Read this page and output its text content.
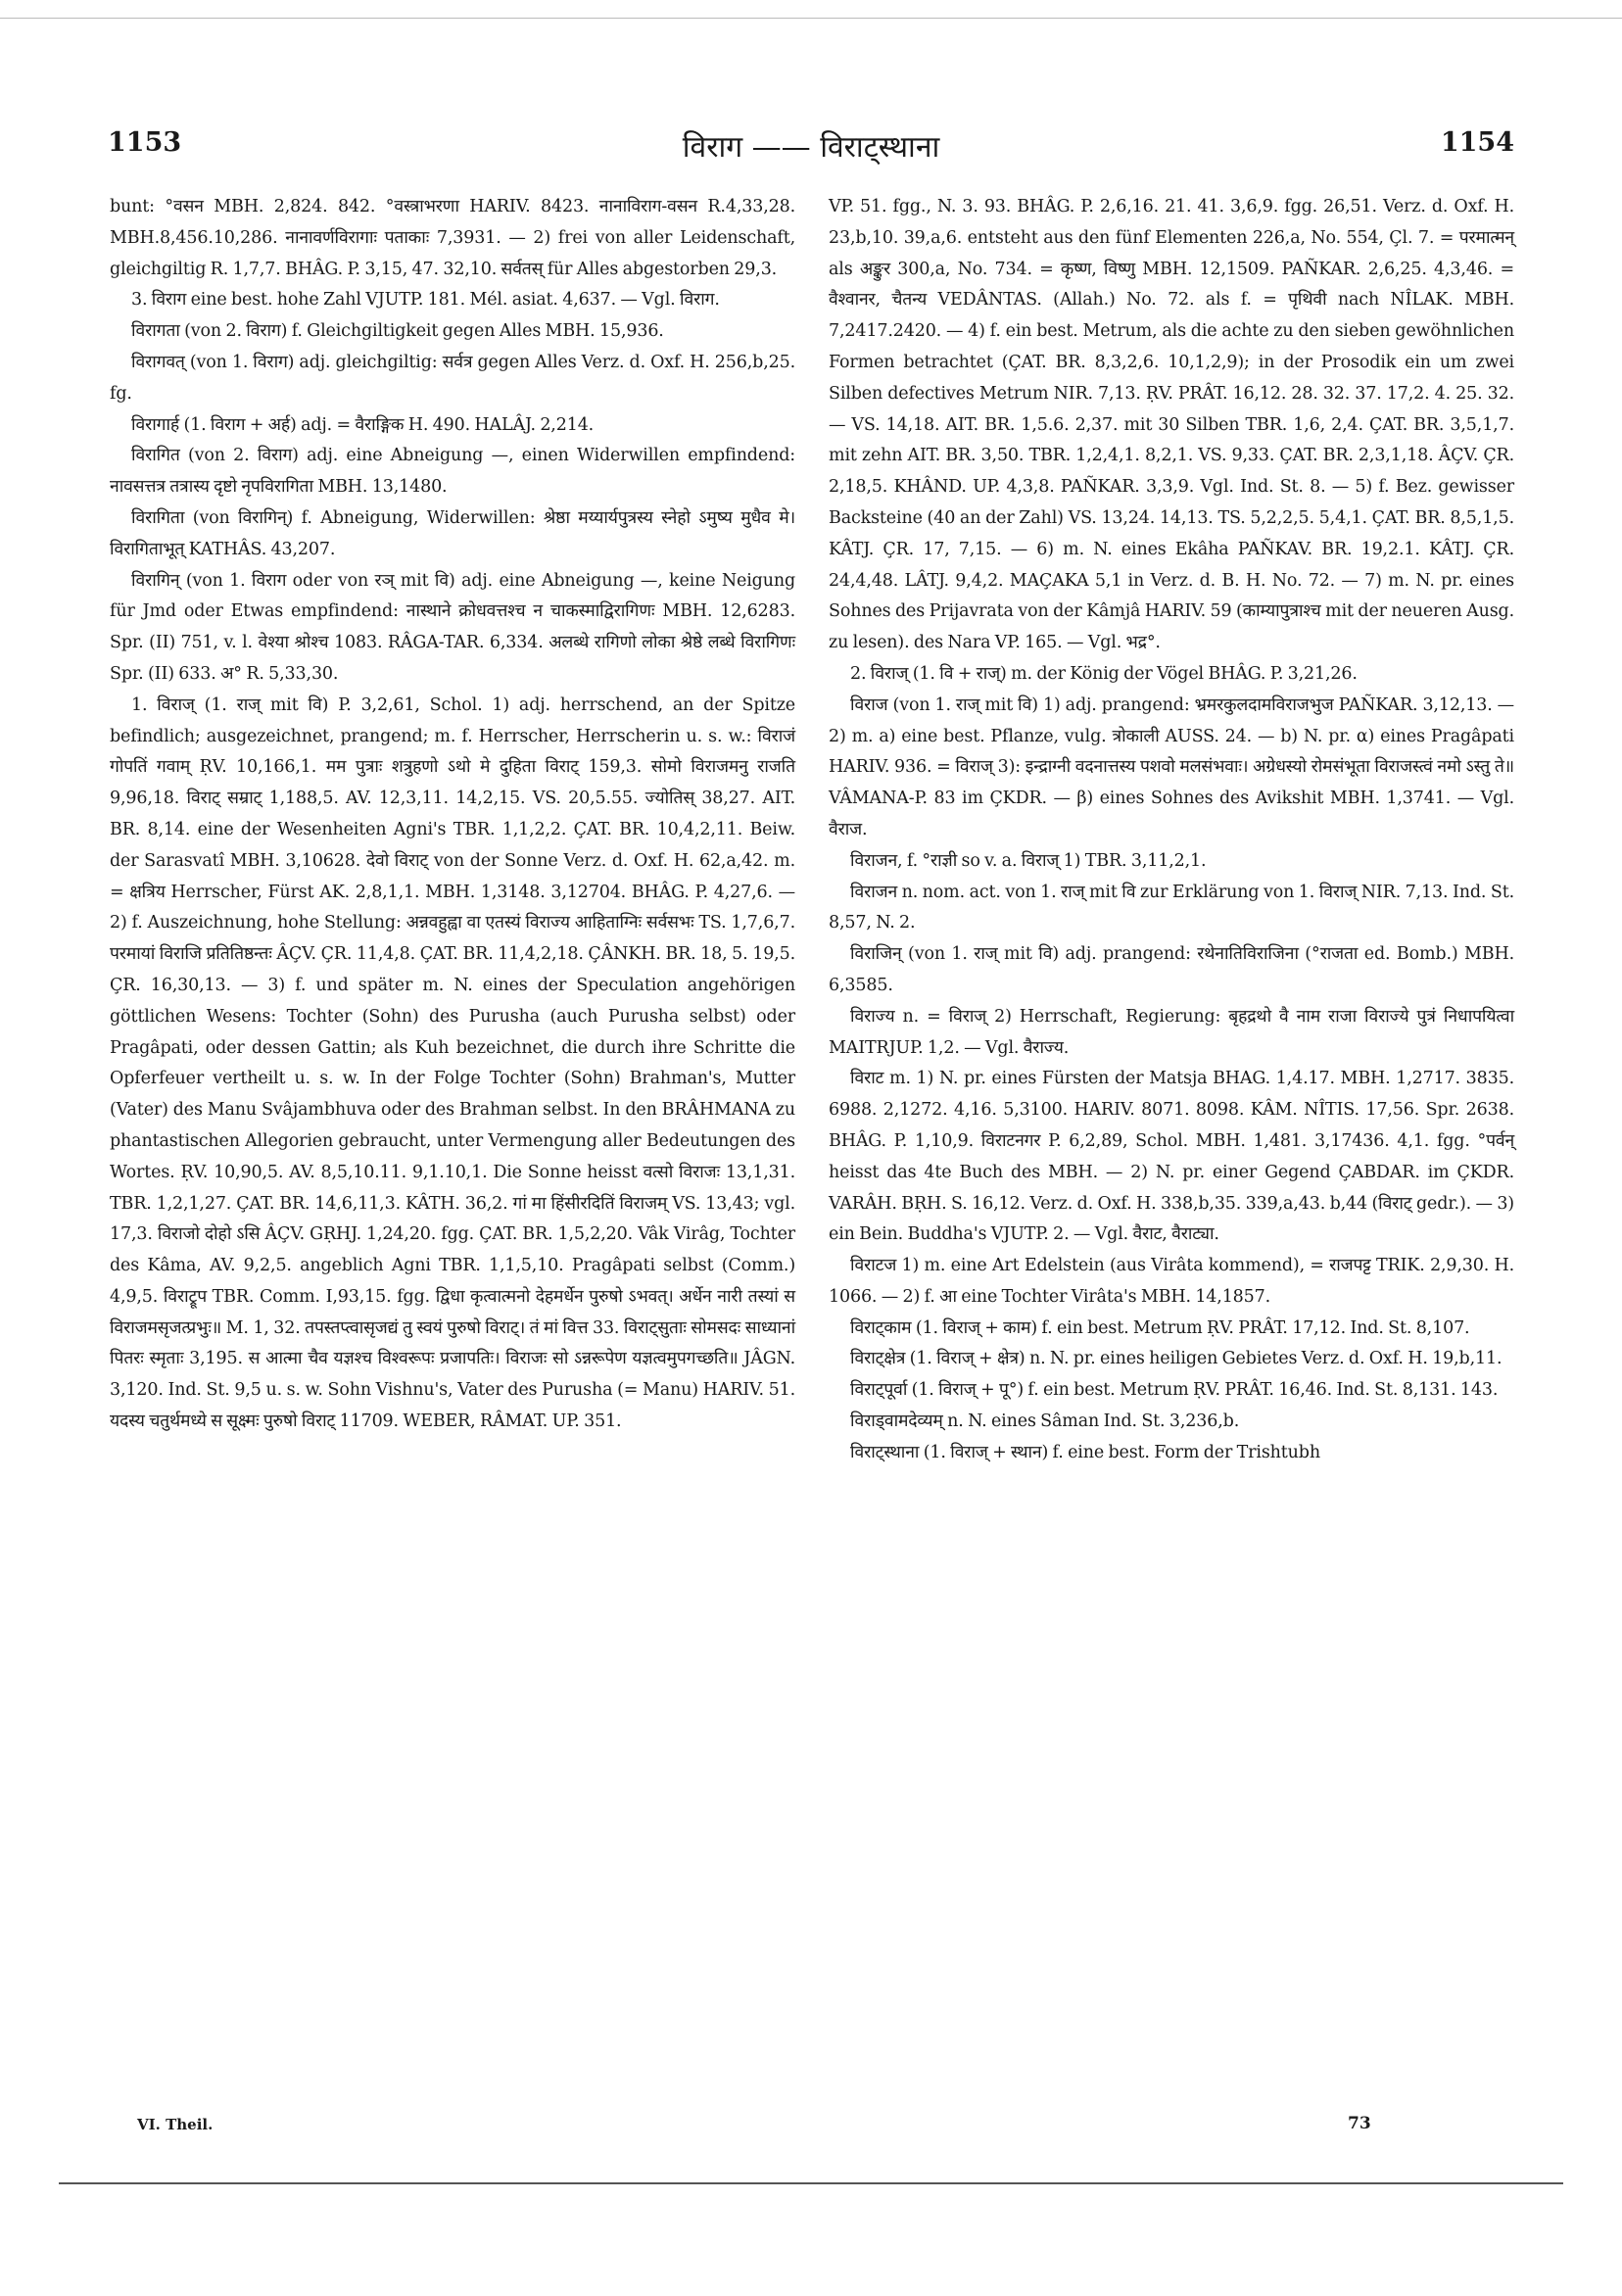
1153	विराग —— विराट्स्थाना	1154

bunt: °वसन MBH. 2,824. 842. °वस्त्राभरणा HARIV. 8423. नानाविराग-वसन R.4,33,28. MBH.8,456.10,286. नानावर्णविरागाः पताकाः 7,3931. — 2) frei von aller Leidenschaft, gleichgiltig R. 1,7,7. BHÂG. P. 3,15, 47. 32,10. सर्वतस् für Alles abgestorben 29,3.

3. विराग eine best. hohe Zahl VJUTP. 181. Mél. asiat. 4,637. — Vgl. विराग.

विरागता (von 2. विराग) f. Gleichgiltigkeit gegen Alles MBH. 15,936.

विरागवत् (von 1. विराग) adj. gleichgiltig: सर्वत्र gegen Alles Verz. d. Oxf. H. 256,b,25. fg.

विरागार्ह (1. विराग + अर्ह) adj. = वैराङ्गिक H. 490. HALÂJ. 2,214.

विरागित (von 2. विराग) adj. eine Abneigung —, einen Widerwillen empfindend: नावसत्तत्र तत्रास्य दृष्टो नृपविरागिता MBH. 13,1480.

विरागिता (von विरागिन्) f. Abneigung, Widerwillen: श्रेष्ठा मय्यार्यपुत्रस्य स्नेहो ऽमुष्य मुधैव मे। विरागिताभूत् KATHÂS. 43,207.

विरागिन् (von 1. विराग oder von रञ् mit वि) adj. eine Abneigung —, keine Neigung für Jmd oder Etwas empfindend: नास्थाने क्रोधवत्तश्च न चाकस्माद्विरागिणः MBH. 12,6283. Spr. (II) 751, v. l. वेश्या श्रोश्च 1083. RÂGA-TAR. 6,334. अलब्धे रागिणो लोका श्रेष्ठे लब्धे विरागिणः Spr. (II) 633. अ° R. 5,33,30.

1. विराज् (1. राज् mit वि) P. 3,2,61, Schol. 1) adj. herrschend, an der Spitze befindlich; ausgezeichnet, prangend; m. f. Herrscher, Herrscherin u. s. w.: विराजं गोपतिं गवाम् ṚV. 10,166,1. मम पुत्राः शत्रुहणो ऽथो मे दुहिता विराट् 159,3. सोमो विराजमनु राजति 9,96,18. विराट् सम्राट् 1,188,5. AV. 12,3,11. 14,2,15. VS. 20,5.55. ज्योतिस् 38,27. AIT. BR. 8,14. eine der Wesenheiten Agni's TBR. 1,1,2,2. ÇAT. BR. 10,4,2,11. Beiw. der Sarasvatî MBH. 3,10628. देवो विराट् von der Sonne Verz. d. Oxf. H. 62,a,42. m. = क्षत्रिय Herrscher, Fürst AK. 2,8,1,1. MBH. 1,3148. 3,12704. BHÂG. P. 4,27,6. — 2) f. Auszeichnung, hohe Stellung: अन्नवहुह्वा वा एतस्यं विराज्य आहिताग्निः सर्वसभः TS. 1,7,6,7. परमायां विराजि प्रतितिष्ठन्तः ÂÇV. ÇR. 11,4,8. ÇAT. BR. 11,4,2,18. ÇÂNKH. BR. 18, 5. 19,5. ÇR. 16,30,13. — 3) f. und später m. N. eines der Speculation angehörigen göttlichen Wesens: Tochter (Sohn) des Purusha (auch Purusha selbst) oder Pragâpati, oder dessen Gattin; als Kuh bezeichnet, die durch ihre Schritte die Opferfeuer vertheilt u. s. w. In der Folge Tochter (Sohn) Brahman's, Mutter (Vater) des Manu Svâjambhuva oder des Brahman selbst. In den BRÂHMANA zu phantastischen Allegorien gebraucht, unter Vermengung aller Bedeutungen des Wortes. ṚV. 10,90,5. AV. 8,5,10.11. 9,1.10,1. Die Sonne heisst वत्सो विराजः 13,1,31. TBR. 1,2,1,27. ÇAT. BR. 14,6,11,3. KÂTH. 36,2. गां मा हिंसीरदितिं विराजम् VS. 13,43; vgl. 17,3. विराजो दोहो ऽसि ÂÇV. GṚHJ. 1,24,20. fgg. ÇAT. BR. 1,5,2,20. Vâk Virâg, Tochter des Kâma, AV. 9,2,5. angeblich Agni TBR. 1,1,5,10. Pragâpati selbst (Comm.) 4,9,5. विराट्रूप TBR. Comm. I,93,15. fgg. द्विधा कृत्वात्मनो देहमर्धेन पुरुषो ऽभवत्। अर्धेन नारी तस्यां स विराजमसृजत्प्रभुः॥ M. 1, 32. तपस्तप्त्वासृजद्यं तु स्वयं पुरुषो विराट्। तं मां वित्त 33. विराट्सुताः सोमसदः साध्यानां पितरः स्मृताः 3,195. स आत्मा चैव यज्ञश्च विश्वरूपः प्रजापतिः। विराजः सो ऽन्नरूपेण यज्ञत्वमुपगच्छति॥ JÂGN. 3,120. Ind. St. 9,5 u. s. w. Sohn Vishnu's, Vater des Purusha (= Manu) HARIV. 51. यदस्य चतुर्थमध्ये स सूक्ष्मः पुरुषो विराट् 11709. WEBER, RÂMAT. UP. 351.

VP. 51. fgg., N. 3. 93. BHÂG. P. 2,6,16. 21. 41. 3,6,9. fgg. 26,51. Verz. d. Oxf. H. 23,b,10. 39,a,6. entsteht aus den fünf Elementen 226,a, No. 554, Çl. 7. = परमात्मन् als अङ्कुर 300,a, No. 734. = कृष्ण, विष्णु MBH. 12,1509. PAÑKAR. 2,6,25. 4,3,46. = वैश्वानर, चैतन्य VEDÂNTAS. (Allah.) No. 72. als f. = पृथिवी nach NÎLAK. MBH. 7,2417.2420. — 4) f. ein best. Metrum, als die achte zu den sieben gewöhnlichen Formen betrachtet (ÇAT. BR. 8,3,2,6. 10,1,2,9); in der Prosodik ein um zwei Silben defectives Metrum NIR. 7,13. ṚV. PRÂT. 16,12. 28. 32. 37. 17,2. 4. 25. 32. — VS. 14,18. AIT. BR. 1,5.6. 2,37. mit 30 Silben TBR. 1,6, 2,4. ÇAT. BR. 3,5,1,7. mit zehn AIT. BR. 3,50. TBR. 1,2,4,1. 8,2,1. VS. 9,33. ÇAT. BR. 2,3,1,18. ÂÇV. ÇR. 2,18,5. KHÂND. UP. 4,3,8. PAÑKAR. 3,3,9. Vgl. Ind. St. 8. — 5) f. Bez. gewisser Backsteine (40 an der Zahl) VS. 13,24. 14,13. TS. 5,2,2,5. 5,4,1. ÇAT. BR. 8,5,1,5. KÂTJ. ÇR. 17, 7,15. — 6) m. N. eines Ekâha PAÑKAV. BR. 19,2.1. KÂTJ. ÇR. 24,4,48. LÂTJ. 9,4,2. MAÇAKA 5,1 in Verz. d. B. H. No. 72. — 7) m. N. pr. eines Sohnes des Prijavrata von der Kâmjâ HARIV. 59 (काम्यापुत्राश्च mit der neueren Ausg. zu lesen). des Nara VP. 165. — Vgl. भद्र°.

2. विराज् (1. वि + राज्) m. der König der Vögel BHÂG. P. 3,21,26.

विराज (von 1. राज् mit वि) 1) adj. prangend: भ्रमरकुलदामविराजभुज PAÑKAR. 3,12,13. — 2) m. a) eine best. Pflanze, vulg. त्रोकाली AUSS. 24. — b) N. pr. α) eines Pragâpati HARIV. 936. = विराज् 3): इन्द्राग्नी वदनात्तस्य पशवो मलसंभवाः। अग्रेधस्यो रोमसंभूता विराजस्त्वं नमो ऽस्तु ते॥ VÂMANA-P. 83 im ÇKDR. — β) eines Sohnes des Avikshit MBH. 1,3741. — Vgl. वैराज.

विराजन, f. °राज्ञी so v. a. विराज् 1) TBR. 3,11,2,1.

विराजन n. nom. act. von 1. राज् mit वि zur Erklärung von 1. विराज् NIR. 7,13. Ind. St. 8,57, N. 2.

विराजिन् (von 1. राज् mit वि) adj. prangend: रथेनातिविराजिना (°राजता ed. Bomb.) MBH. 6,3585.

विराज्य n. = विराज् 2) Herrschaft, Regierung: बृहद्रथो वै नाम राजा विराज्ये पुत्रं निधापयित्वा MAITRJUP. 1,2. — Vgl. वैराज्य.

विराट m. 1) N. pr. eines Fürsten der Matsja BHAG. 1,4.17. MBH. 1,2717. 3835. 6988. 2,1272. 4,16. 5,3100. HARIV. 8071. 8098. KÂM. NÎTIS. 17,56. Spr. 2638. BHÂG. P. 1,10,9. विराटनगर P. 6,2,89, Schol. MBH. 1,481. 3,17436. 4,1. fgg. °पर्वन् heisst das 4te Buch des MBH. — 2) N. pr. einer Gegend ÇABDAR. im ÇKDR. VARÂH. BṚH. S. 16,12. Verz. d. Oxf. H. 338,b,35. 339,a,43. b,44 (विराट् gedr.). — 3) ein Bein. Buddha's VJUTP. 2. — Vgl. वैराट, वैराट्या.

विराटज 1) m. eine Art Edelstein (aus Virâta kommend), = राजपट्ट TRIK. 2,9,30. H. 1066. — 2) f. आ eine Tochter Virâta's MBH. 14,1857.

विराट्काम (1. विराज् + काम) f. ein best. Metrum ṚV. PRÂT. 17,12. Ind. St. 8,107.

विराट्क्षेत्र (1. विराज् + क्षेत्र) n. N. pr. eines heiligen Gebietes Verz. d. Oxf. H. 19,b,11.

विराट्पूर्वा (1. विराज् + पू°) f. ein best. Metrum ṚV. PRÂT. 16,46. Ind. St. 8,131. 143.

विराड्वामदेव्यम् n. N. eines Sâman Ind. St. 3,236,b.

विराट्स्थाना (1. विराज् + स्थान) f. eine best. Form der Trishtubh

VI. Theil.	73
